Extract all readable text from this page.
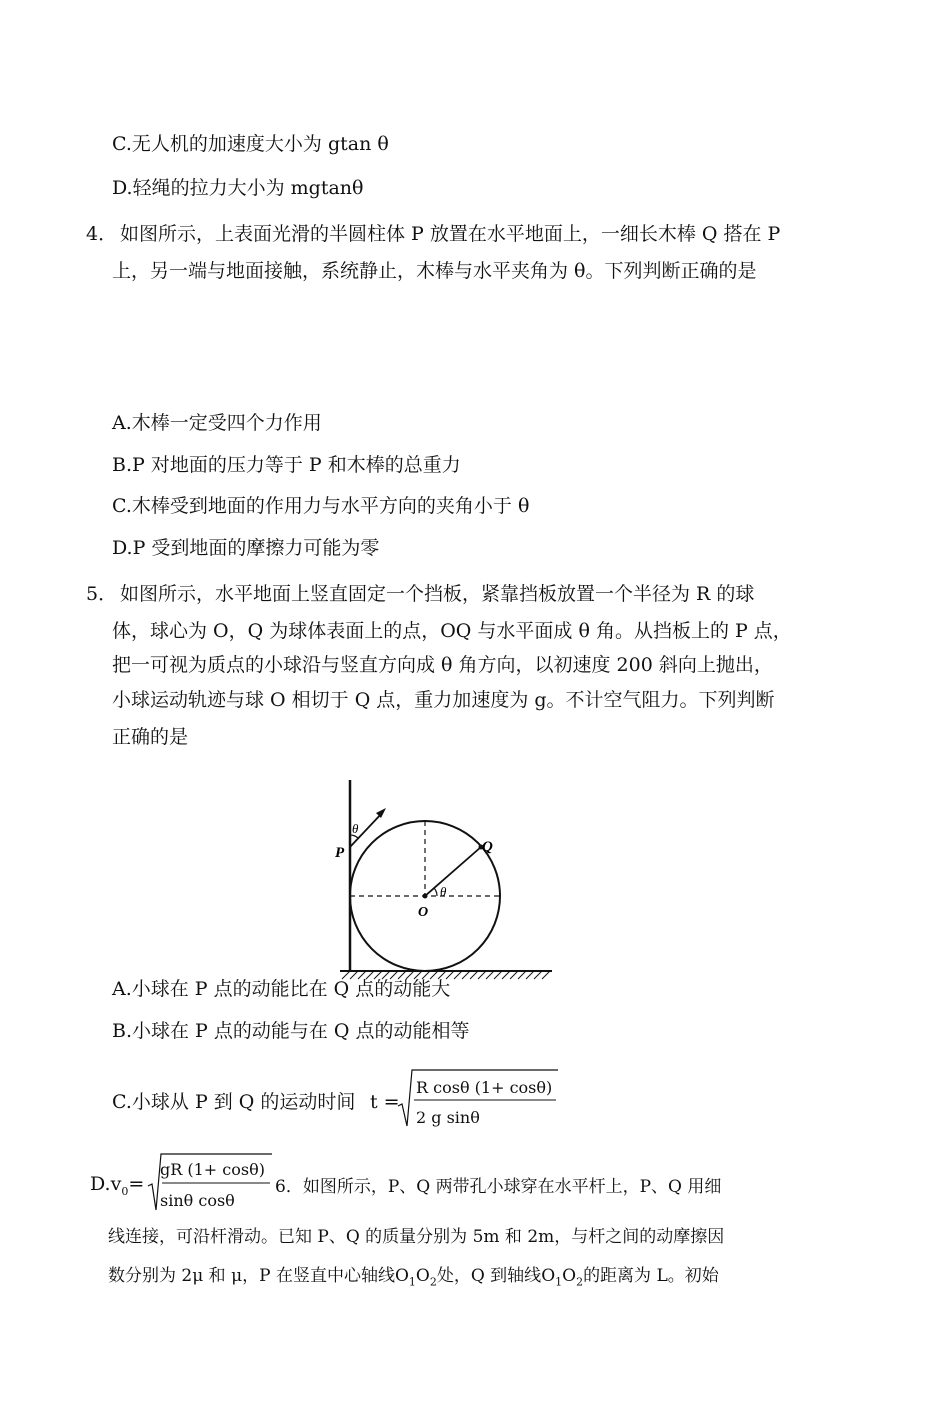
C.无人机的加速度大小为 gtan θ
D.轻绳的拉力大小为 mgtanθ
4． 如图所示，上表面光滑的半圆柱体 P 放置在水平地面上，一细长木棒 Q 搭在 P
上，另一端与地面接触，系统静止，木棒与水平夹角为 θ。下列判断正确的是
A.木棒一定受四个力作用
B.P 对地面的压力等于 P 和木棒的总重力
C.木棒受到地面的作用力与水平方向的夹角小于 θ
D.P 受到地面的摩擦力可能为零
5． 如图所示，水平地面上竖直固定一个挡板，紧靠挡板放置一个半径为 R 的球
体，球心为 O，Q 为球体表面上的点，OQ 与水平面成 θ 角。从挡板上的 P 点，
把一可视为质点的小球沿与竖直方向成 θ 角方向，以初速度 200 斜向上抛出，
小球运动轨迹与球 O 相切于 Q 点，重力加速度为 g。不计空气阻力。下列判断
正确的是
θ
P	Q
θ
O
A.小球在 P 点的动能比在 Q 点的动能大
B.小球在 P 点的动能与在 Q 点的动能相等
C.小球从 P 到 Q 的运动时间 t =
R cosθ (1+ cosθ)
2 g sinθ
$D.v_0=$
gR (1+ cosθ)
sinθ cosθ
6．如图所示，P、Q 两带孔小球穿在水平杆上，P、Q 用细
线连接，可沿杆滑动。已知 P、Q 的质量分别为 5m 和 2m，与杆之间的动摩擦因
数分别为 2μ 和 μ，P 在竖直中心轴线$O_1O_2$处，Q 到轴线$O_1O_2$的距离为 L。初始
